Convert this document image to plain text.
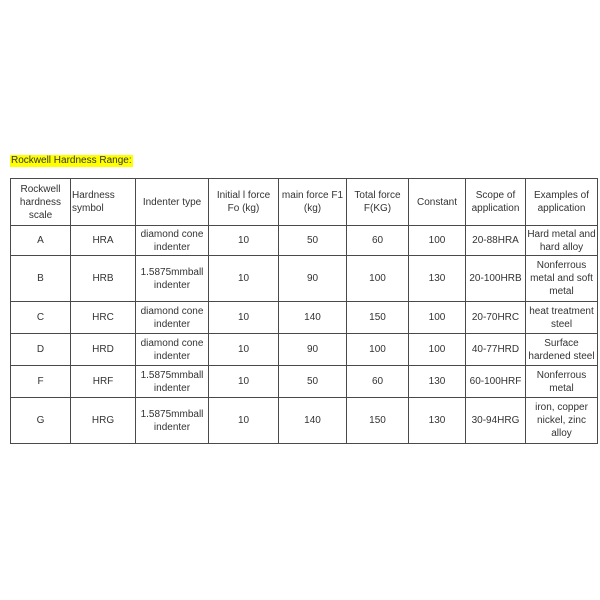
Rockwell Hardness Range:
Rockwell hardness scale	Hardness symbol	Indenter type	Initial l force Fo (kg)	main force F1 (kg)	Total force F(KG)	Constant	Scope of application	Examples of application
A	HRA	diamond cone indenter	10	50	60	100	20-88HRA	Hard metal and hard alloy
B	HRB	1.5875mmball indenter	10	90	100	130	20-100HRB	Nonferrous metal and soft metal
C	HRC	diamond cone indenter	10	140	150	100	20-70HRC	heat treatment steel
D	HRD	diamond cone indenter	10	90	100	100	40-77HRD	Surface hardened steel
F	HRF	1.5875mmball indenter	10	50	60	130	60-100HRF	Nonferrous metal
G	HRG	1.5875mmball indenter	10	140	150	130	30-94HRG	iron, copper nickel, zinc alloy
